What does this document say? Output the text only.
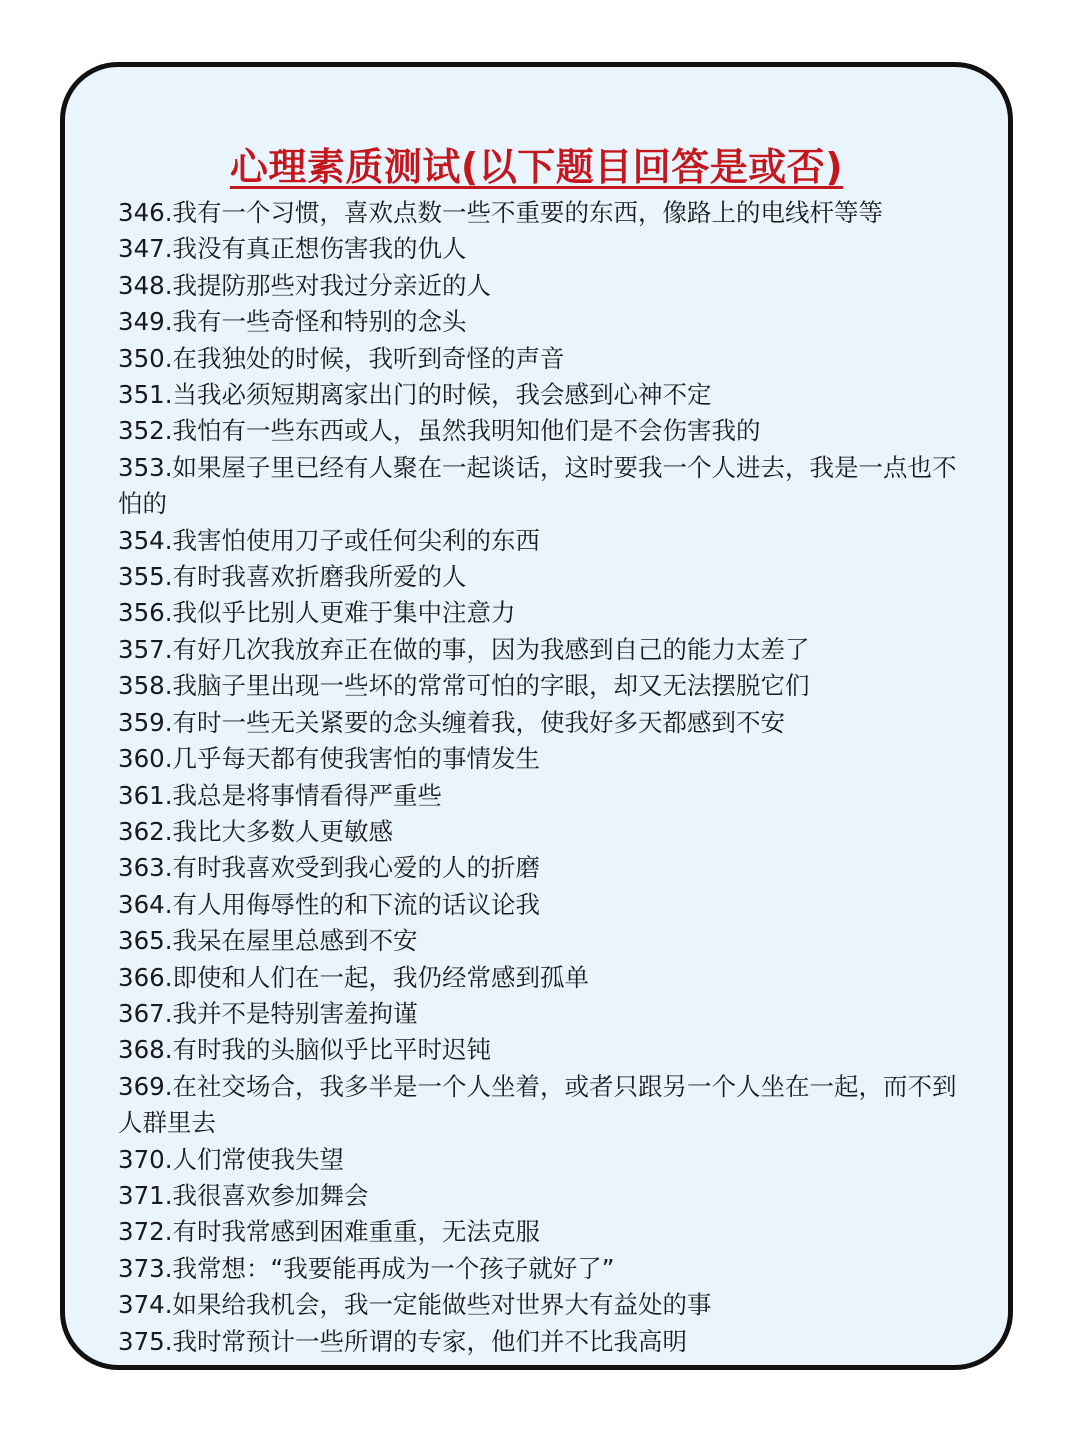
心理素质测试(以下题目回答是或否)
346.我有一个习惯，喜欢点数一些不重要的东西，像路上的电线杆等等
347.我没有真正想伤害我的仇人
348.我提防那些对我过分亲近的人
349.我有一些奇怪和特别的念头
350.在我独处的时候，我听到奇怪的声音
351.当我必须短期离家出门的时候，我会感到心神不定
352.我怕有一些东西或人，虽然我明知他们是不会伤害我的
353.如果屋子里已经有人聚在一起谈话，这时要我一个人进去，我是一点也不怕的
354.我害怕使用刀子或任何尖利的东西
355.有时我喜欢折磨我所爱的人
356.我似乎比别人更难于集中注意力
357.有好几次我放弃正在做的事，因为我感到自己的能力太差了
358.我脑子里出现一些坏的常常可怕的字眼，却又无法摆脱它们
359.有时一些无关紧要的念头缠着我，使我好多天都感到不安
360.几乎每天都有使我害怕的事情发生
361.我总是将事情看得严重些
362.我比大多数人更敏感
363.有时我喜欢受到我心爱的人的折磨
364.有人用侮辱性的和下流的话议论我
365.我呆在屋里总感到不安
366.即使和人们在一起，我仍经常感到孤单
367.我并不是特别害羞拘谨
368.有时我的头脑似乎比平时迟钝
369.在社交场合，我多半是一个人坐着，或者只跟另一个人坐在一起，而不到人群里去
370.人们常使我失望
371.我很喜欢参加舞会
372.有时我常感到困难重重，无法克服
373.我常想：“我要能再成为一个孩子就好了”
374.如果给我机会，我一定能做些对世界大有益处的事
375.我时常预计一些所谓的专家，他们并不比我高明
